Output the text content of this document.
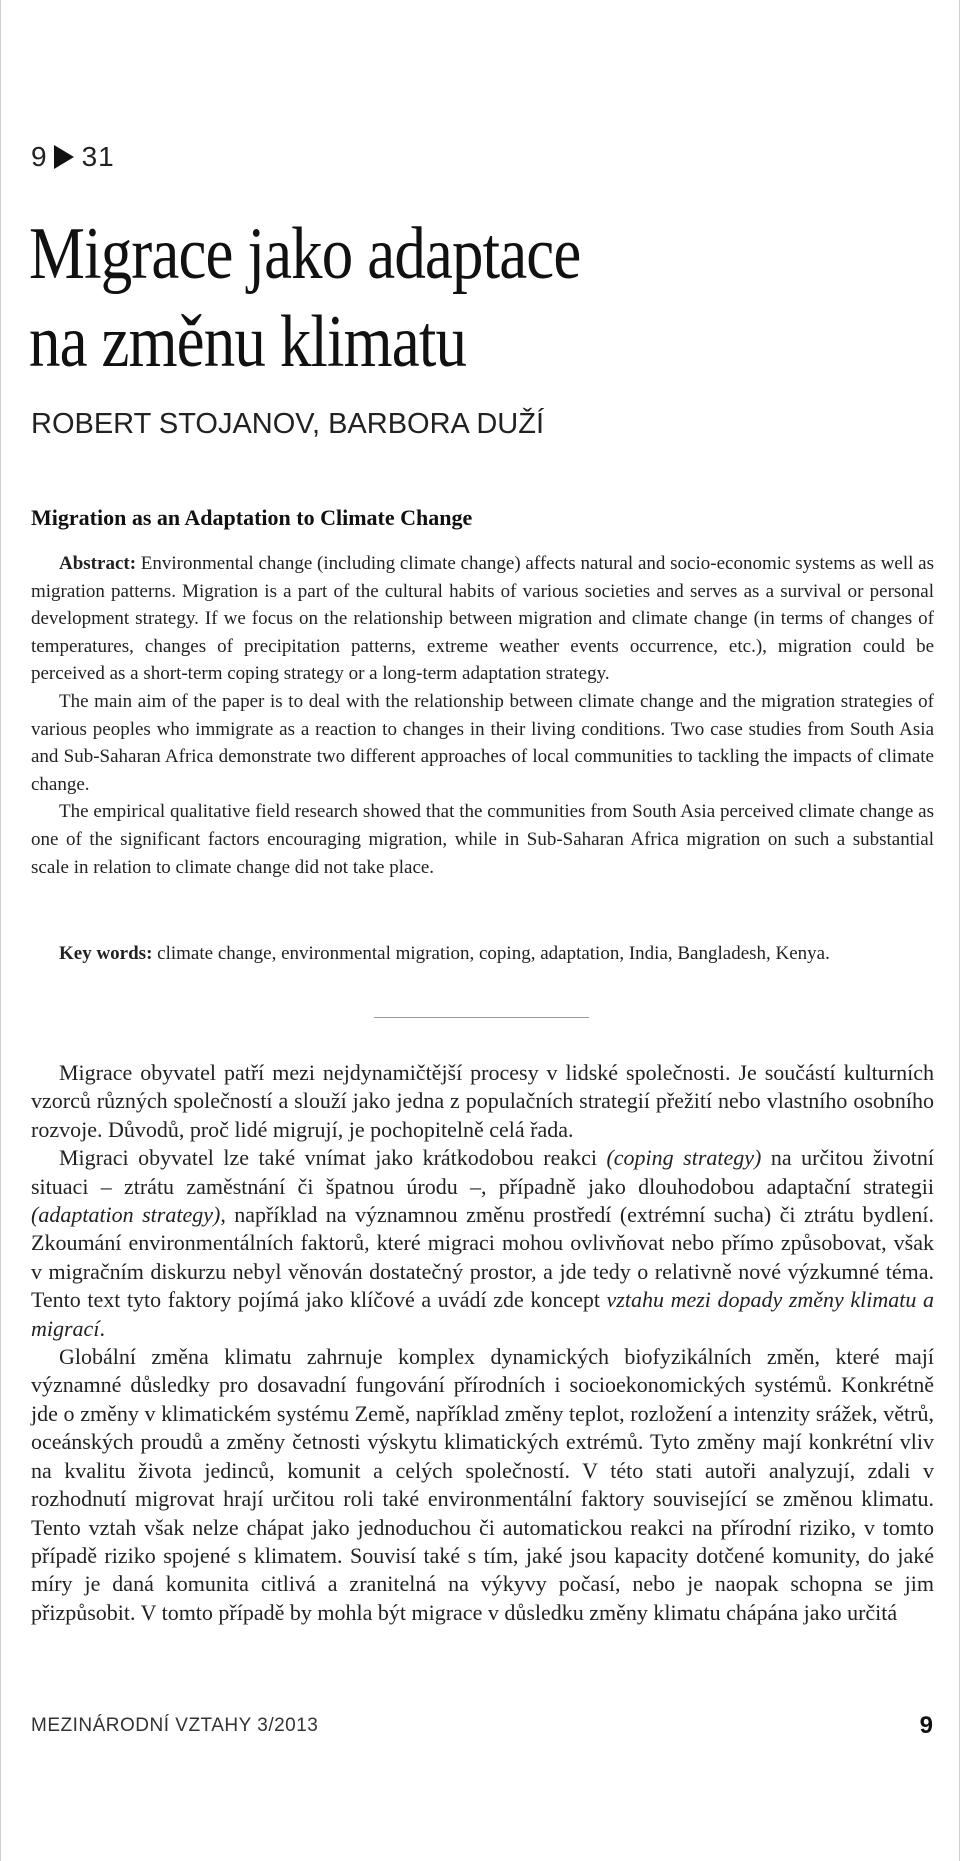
9 31
Migrace jako adaptace
na změnu klimatu
ROBERT STOJANOV, BARBORA DUŽÍ
Migration as an Adaptation to Climate Change

Abstract: Environmental change (including climate change) affects natural and socio-economic systems as well as migration patterns. Migration is a part of the cultural habits of various societies and serves as a survival or personal development strategy. If we focus on the relationship between migration and climate change (in terms of changes of temperatures, changes of precipitation patterns, extreme weather events occurrence, etc.), migration could be perceived as a short-term coping strategy or a long-term adaptation strategy.

The main aim of the paper is to deal with the relationship between climate change and the migration strategies of various peoples who immigrate as a reaction to changes in their living conditions. Two case studies from South Asia and Sub-Saharan Africa demonstrate two different approaches of local communities to tackling the impacts of climate change.

The empirical qualitative field research showed that the communities from South Asia perceived climate change as one of the significant factors encouraging migration, while in Sub-Saharan Africa migration on such a substantial scale in relation to climate change did not take place.

Key words: climate change, environmental migration, coping, adaptation, India, Bangladesh, Kenya.

Migrace obyvatel patří mezi nejdynamičtější procesy v lidské společnosti. Je součástí kulturních vzorců různých společností a slouží jako jedna z populačních strategií přežití nebo vlastního osobního rozvoje. Důvodů, proč lidé migrují, je pochopitelně celá řada.

Migraci obyvatel lze také vnímat jako krátkodobou reakci (coping strategy) na určitou životní situaci – ztrátu zaměstnání či špatnou úrodu –, případně jako dlouhodobou adaptační strategii (adaptation strategy), například na významnou změnu prostředí (extrémní sucha) či ztrátu bydlení. Zkoumání environmentálních faktorů, které migraci mohou ovlivňovat nebo přímo způsobovat, však v migračním diskurzu nebyl věnován dostatečný prostor, a jde tedy o relativně nové výzkumné téma. Tento text tyto faktory pojímá jako klíčové a uvádí zde koncept vztahu mezi dopady změny klimatu a migrací.

Globální změna klimatu zahrnuje komplex dynamických biofyzikálních změn, které mají významné důsledky pro dosavadní fungování přírodních i socioekonomických systémů. Konkrétně jde o změny v klimatickém systému Země, například změny teplot, rozložení a intenzity srážek, větrů, oceánských proudů a změny četnosti výskytu klimatických extrémů. Tyto změny mají konkrétní vliv na kvalitu života jedinců, komunit a celých společností. V této stati autoři analyzují, zdali v rozhodnutí migrovat hrají určitou roli také environmentální faktory související se změnou klimatu. Tento vztah však nelze chápat jako jednoduchou či automatickou reakci na přírodní riziko, v tomto případě riziko spojené s klimatem. Souvisí také s tím, jaké jsou kapacity dotčené komunity, do jaké míry je daná komunita citlivá a zranitelná na výkyvy počasí, nebo je naopak schopna se jim přizpůsobit. V tomto případě by mohla být migrace v důsledku změny klimatu chápána jako určitá

MEZINÁRODNÍ VZTAHY 3/2013	9
